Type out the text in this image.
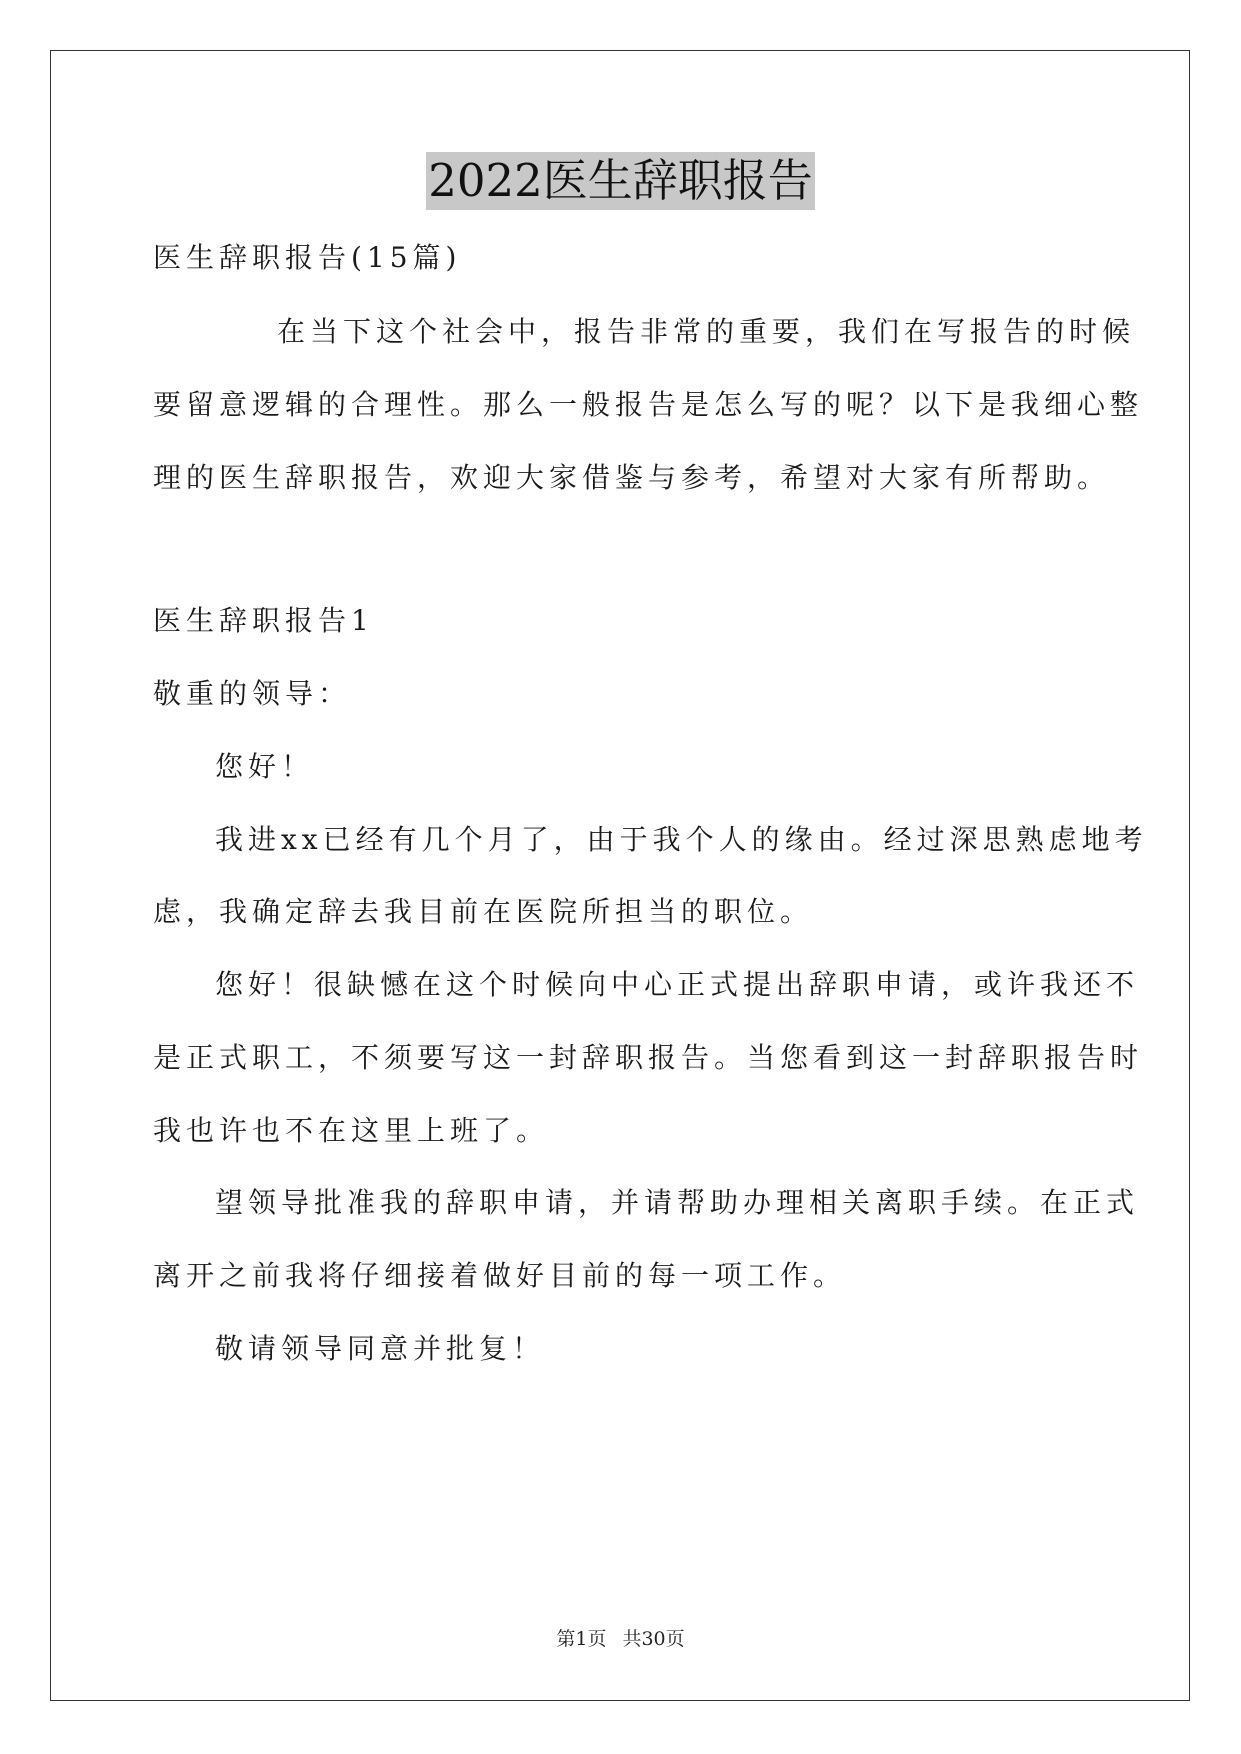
2022医生辞职报告
医生辞职报告(15篇)
在当下这个社会中，报告非常的重要，我们在写报告的时候
要留意逻辑的合理性。那么一般报告是怎么写的呢？以下是我细心整
理的医生辞职报告，欢迎大家借鉴与参考，希望对大家有所帮助。
医生辞职报告1
敬重的领导：
您好！
我进xx已经有几个月了，由于我个人的缘由。经过深思熟虑地考
虑，我确定辞去我目前在医院所担当的职位。
您好！很缺憾在这个时候向中心正式提出辞职申请，或许我还不
是正式职工，不须要写这一封辞职报告。当您看到这一封辞职报告时
我也许也不在这里上班了。
望领导批准我的辞职申请，并请帮助办理相关离职手续。在正式
离开之前我将仔细接着做好目前的每一项工作。
敬请领导同意并批复！
第1页 共30页
